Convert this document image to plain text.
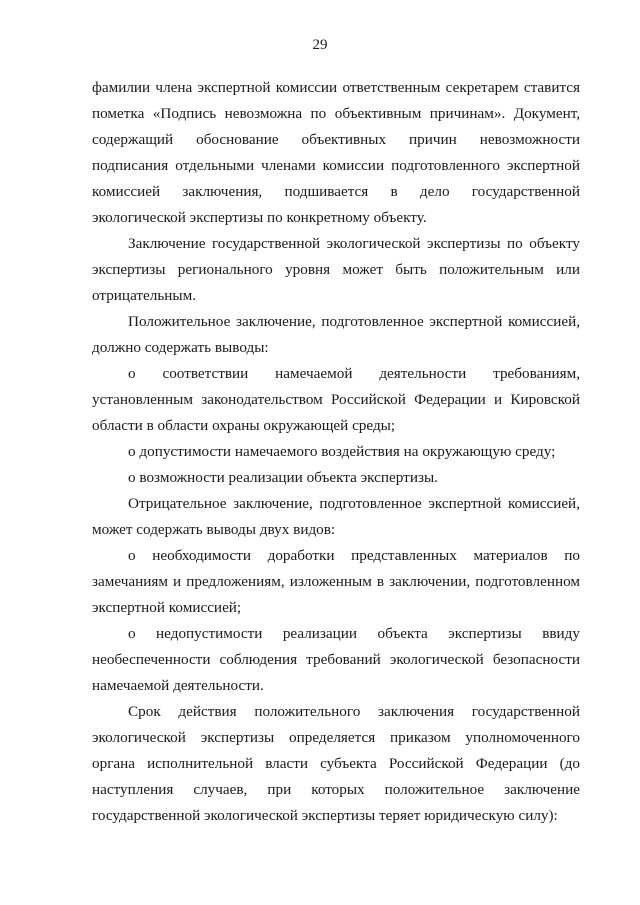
29

фамилии члена экспертной комиссии ответственным секретарем ставится пометка «Подпись невозможна по объективным причинам». Документ, содержащий обоснование объективных причин невозможности подписания отдельными членами комиссии подготовленного экспертной комиссией заключения, подшивается в дело государственной экологической экспертизы по конкретному объекту.

Заключение государственной экологической экспертизы по объекту экспертизы регионального уровня может быть положительным или отрицательным.

Положительное заключение, подготовленное экспертной комиссией, должно содержать выводы:

о соответствии намечаемой деятельности требованиям, установленным законодательством Российской Федерации и Кировской области в области охраны окружающей среды;

о допустимости намечаемого воздействия на окружающую среду;

о возможности реализации объекта экспертизы.

Отрицательное заключение, подготовленное экспертной комиссией, может содержать выводы двух видов:

о необходимости доработки представленных материалов по замечаниям и предложениям, изложенным в заключении, подготовленном экспертной комиссией;

о недопустимости реализации объекта экспертизы ввиду необеспеченности соблюдения требований экологической безопасности намечаемой деятельности.

Срок действия положительного заключения государственной экологической экспертизы определяется приказом уполномоченного органа исполнительной власти субъекта Российской Федерации (до наступления случаев, при которых положительное заключение государственной экологической экспертизы теряет юридическую силу):
